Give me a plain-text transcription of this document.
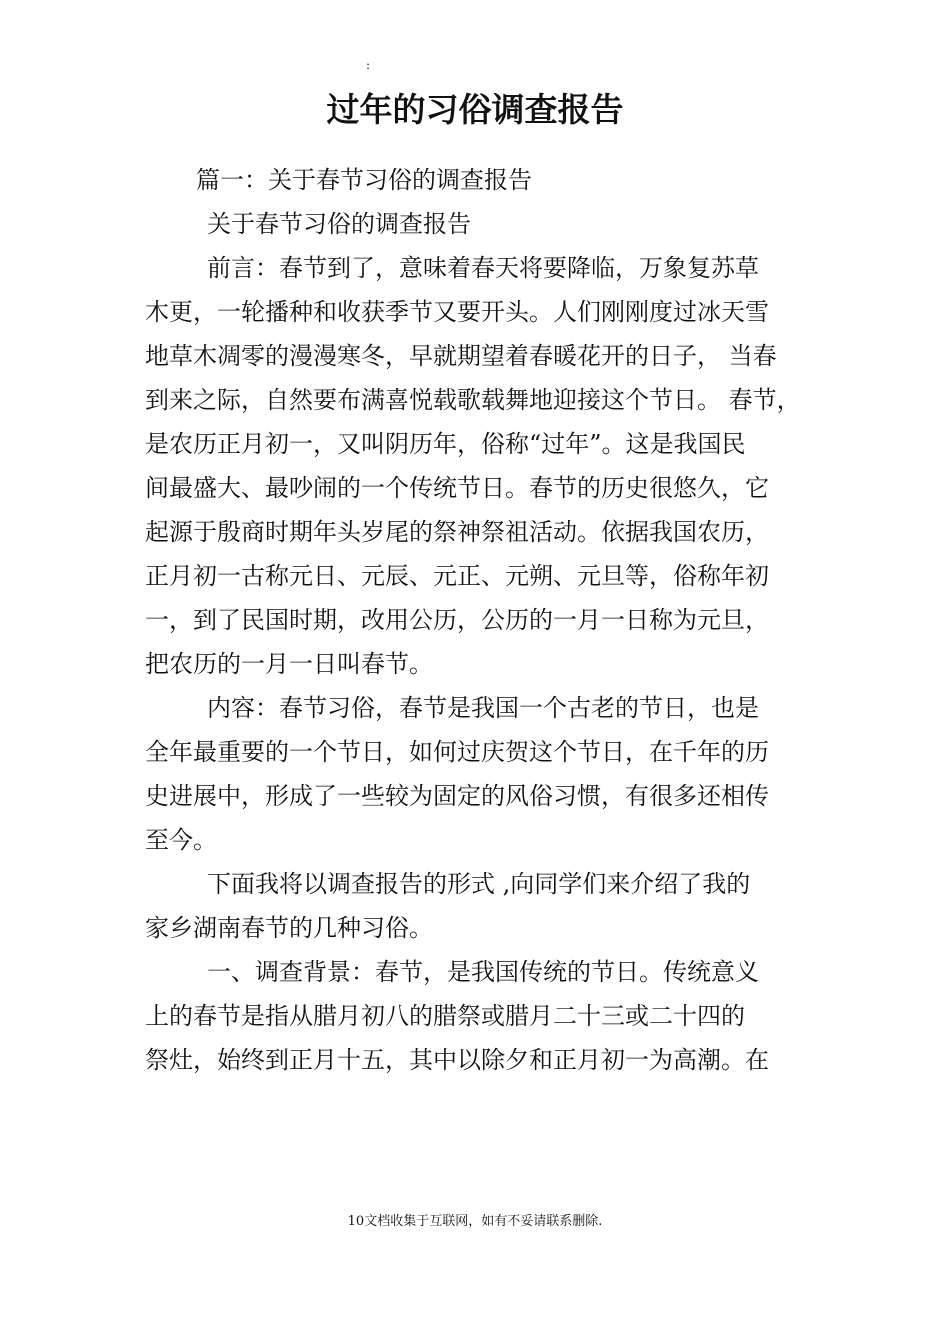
:
过年的习俗调查报告
篇一：关于春节习俗的调查报告
关于春节习俗的调查报告
前言：春节到了，意味着春天将要降临，万象复苏草
木更，一轮播种和收获季节又要开头。人们刚刚度过冰天雪
地草木凋零的漫漫寒冬，早就期望着春暖花开的日子， 当春
到来之际，自然要布满喜悦载歌载舞地迎接这个节日。 春节，
是农历正月初一，又叫阴历年，俗称“过年”。这是我国民
间最盛大、最吵闹的一个传统节日。春节的历史很悠久，它
起源于殷商时期年头岁尾的祭神祭祖活动。依据我国农历，
正月初一古称元日、元辰、元正、元朔、元旦等，俗称年初
一，到了民国时期，改用公历，公历的一月一日称为元旦，
把农历的一月一日叫春节。
内容：春节习俗，春节是我国一个古老的节日，也是
全年最重要的一个节日，如何过庆贺这个节日，在千年的历
史进展中，形成了一些较为固定的风俗习惯，有很多还相传
至今。
下面我将以调查报告的形式 ,向同学们来介绍了我的
家乡湖南春节的几种习俗。
一、调查背景：春节，是我国传统的节日。传统意义
上的春节是指从腊月初八的腊祭或腊月二十三或二十四的
祭灶，始终到正月十五，其中以除夕和正月初一为高潮。在
10文档收集于互联网，如有不妥请联系删除.
